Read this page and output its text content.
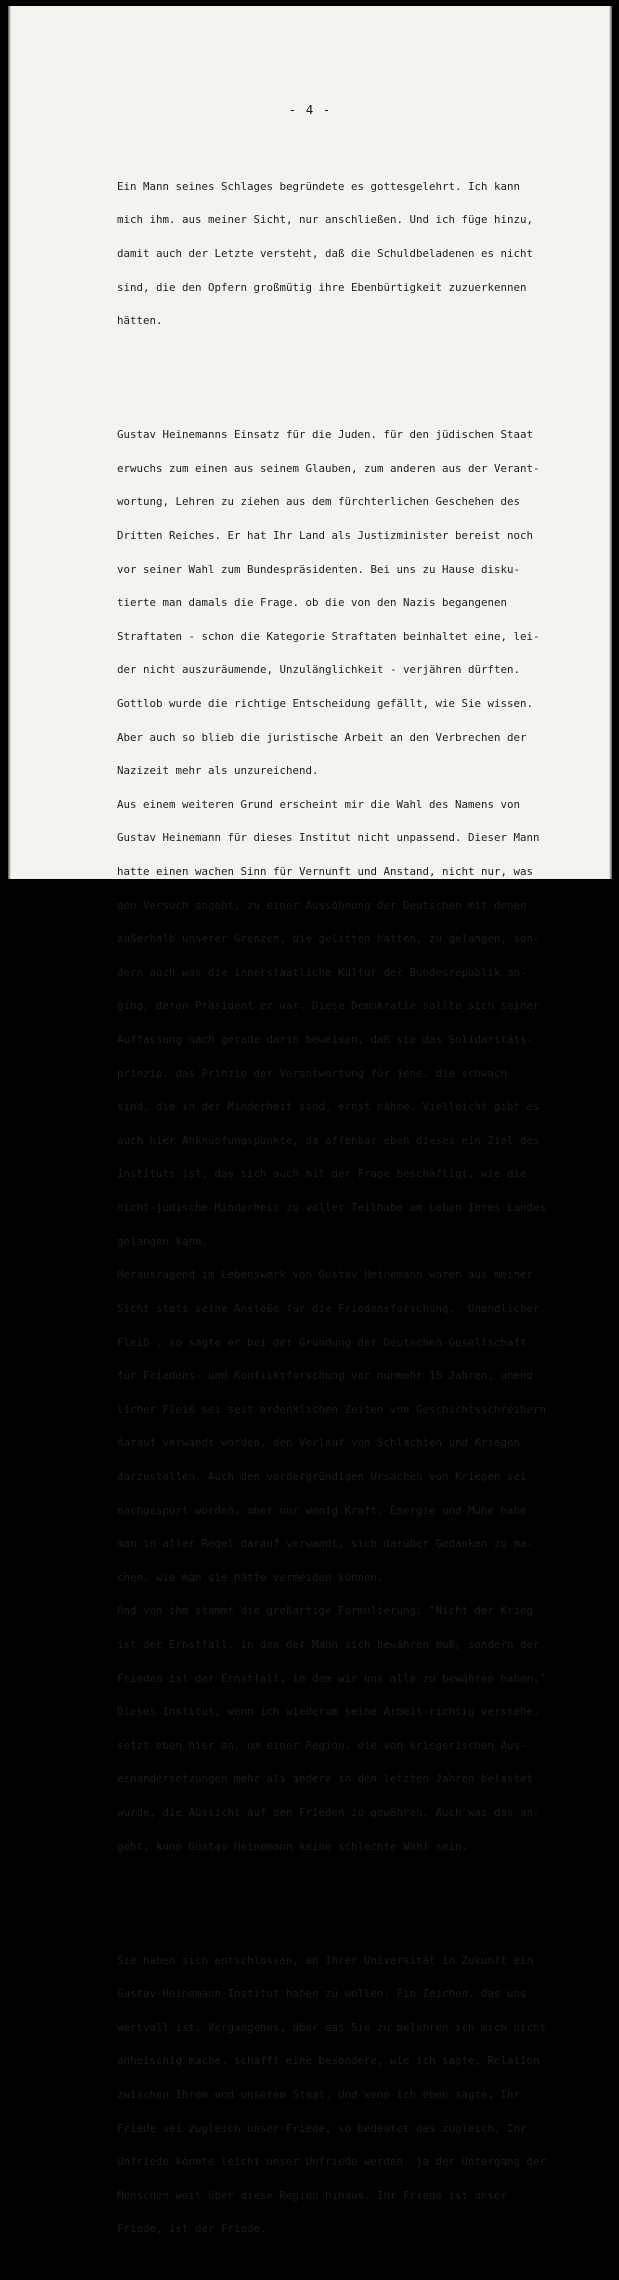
- 4 -

Ein Mann seines Schlages begründete es gottesgelehrt. Ich kann

mich ihm. aus meiner Sicht, nur anschließen. Und ich füge hinzu,

damit auch der Letzte versteht, daß die Schuldbeladenen es nicht

sind, die den Opfern großmütig ihre Ebenbürtigkeit zuzuerkennen

hätten.

Gustav Heinemanns Einsatz für die Juden. für den jüdischen Staat

erwuchs zum einen aus seinem Glauben, zum anderen aus der Verant-

wortung, Lehren zu ziehen aus dem fürchterlichen Geschehen des

Dritten Reiches. Er hat Ihr Land als Justizminister bereist noch

vor seiner Wahl zum Bundespräsidenten. Bei uns zu Hause disku-

tierte man damals die Frage. ob die von den Nazis begangenen

Straftaten - schon die Kategorie Straftaten beinhaltet eine, lei-

der nicht auszuräumende, Unzulänglichkeit - verjähren dürften.

Gottlob wurde die richtige Entscheidung gefällt, wie Sie wissen.

Aber auch so blieb die juristische Arbeit an den Verbrechen der

Nazizeit mehr als unzureichend.

Aus einem weiteren Grund erscheint mir die Wahl des Namens von

Gustav Heinemann für dieses Institut nicht unpassend. Dieser Mann

hatte einen wachen Sinn für Vernunft und Anstand, nicht nur, was

den Versuch angeht, zu einer Aussöhnung der Deutschen mit denen

außerhalb unserer Grenzen, die gelitten hatten, zu gelangen, son-

dern auch was die innerstaatliche Kultur der Bundesrepublik an-

ging, deren Präsident er war. Diese Demokratie sollte sich seiner

Auffassung nach gerade darin beweisen, daß sie das Solidaritäts-

prinzip, das Prinzip der Verantwortung für jene, die schwach

sind, die in der Minderheit sind, ernst nähme. Vielleicht gibt es

auch hier Anknüpfungspunkte, da offenbar eben dieses ein Ziel des

Instituts ist, das sich auch mit der Frage beschäftigt, wie die

nicht-jüdische Minderheit zu voller Teilhabe am Leben Ihres Landes

gelangen kann.

Herausragend im Lebenswerk von Gustav Heinemann waren aus meiner

Sicht stets seine Anstöße für die Friedensforschung.  Unendlicher

Fleiß , so sagte er bei der Gründung der Deutschen Gesellschaft

für Friedens- und Konfliktforschung vor nunmehr 15 Jahren, unend-

licher Fleiß sei seit erdenklichen Zeiten von Geschichtsschreibern

darauf verwandt worden, den Verlauf von Schlachten und Kriegen

darzustellen. Auch den vordergründigen Ursachen von Kriegen sei

nachgespürt worden, aber nur wenig Kraft, Energie und Mühe habe

man in aller Regel darauf verwandt, sich darüber Gedanken zu ma-

chen, wie man sie hätte vermeiden können.

Und von ihm stammt die großartige Formulierung: "Nicht der Krieg

ist der Ernstfall. in dem der Mann sich bewähren muß, sondern der

Frieden ist der Ernstfall, in dem wir uns alle zu bewähren haben."

Dieses Institut, wenn ich wiederum seine Arbeit richtig verstehe,

setzt eben hier an, um einer Region, die von kriegerischen Aus-

einandersetzungen mehr als andere in den letzten Jahren belastet

wurde, die Aussicht auf den Frieden zu gewähren. Auch was das an-

geht, kann Gustav Heinemann keine schlechte Wahl sein.

Sie haben sich entschlossen, an Ihrer Universität in Zukunft ein

Gustav-Heinemann-Institut haben zu wollen. Ein Zeichen, das uns

wertvoll ist. Vergangenes, über das Sie zu belehren ich mich nicht

anheischig mache, schafft eine besondere, wie ich sagte, Relation

zwischen Ihrem und unserem Staat. Und wenn ich eben sagte, Ihr

Friede sei zugleich unser Friede, so bedeutet das zugleich, Ihr

Unfriede könnte leicht unser Unfriede werden, ja der Untergang der

Menschen weit über diese Region hinaus. Ihr Friede ist unser

Friede, ist der Friede.
